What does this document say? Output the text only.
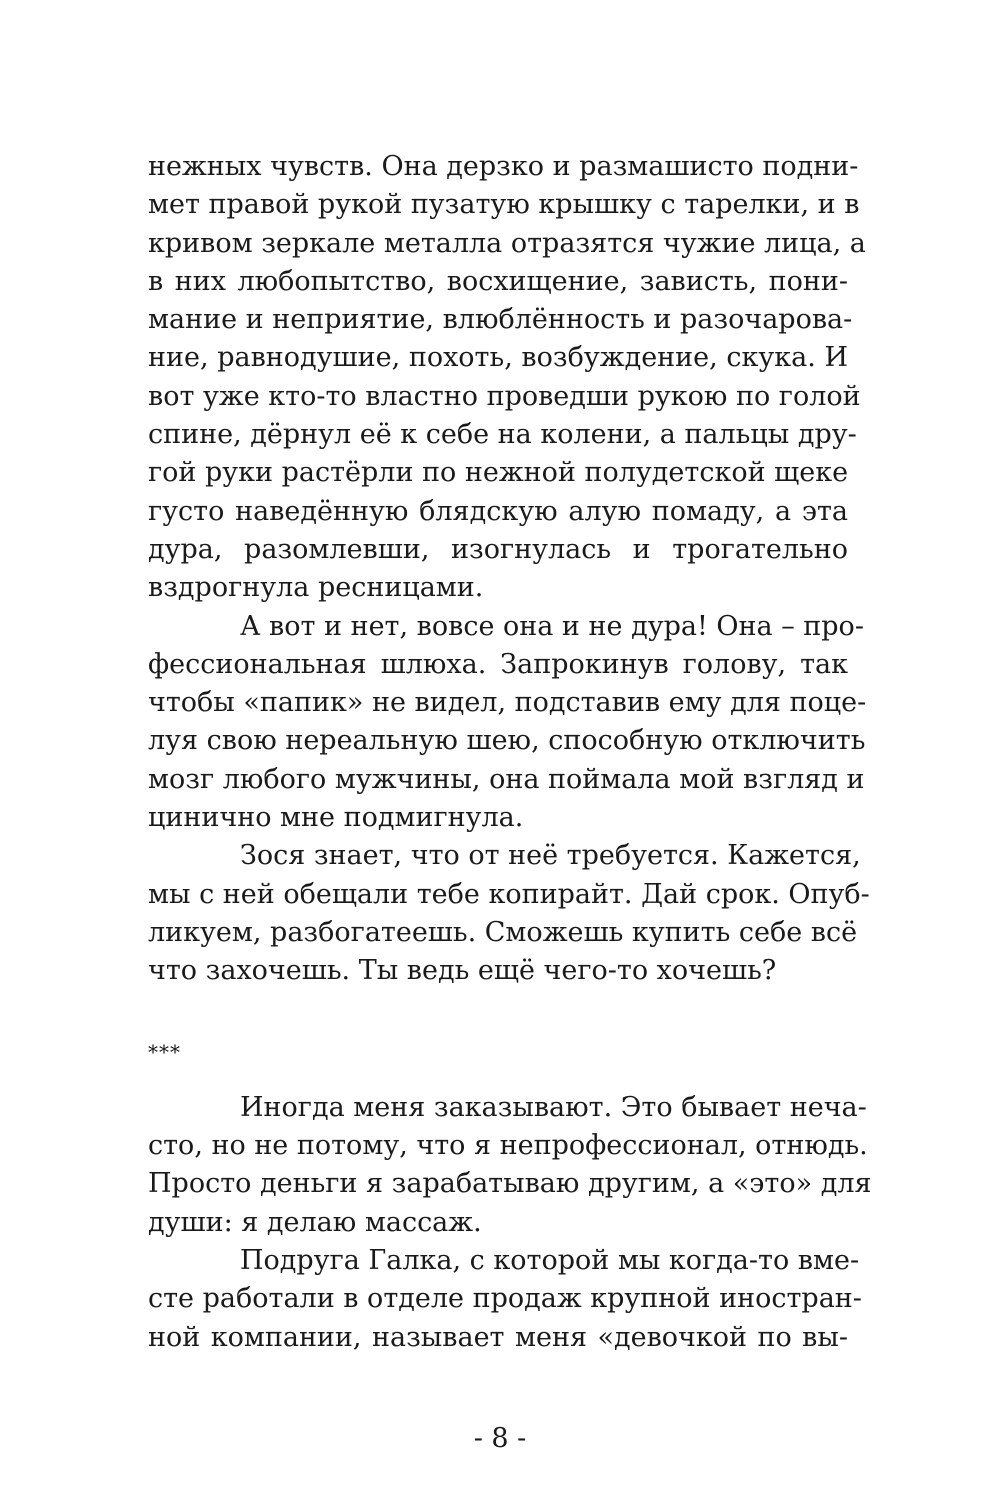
нежных чувств. Она дерзко и размашисто подни-
мет правой рукой пузатую крышку с тарелки, и в
кривом зеркале металла отразятся чужие лица, а
в них любопытство, восхищение, зависть, пони-
мание и неприятие, влюблённость и разочарова-
ние, равнодушие, похоть, возбуждение, скука. И
вот уже кто-то властно проведши рукою по голой
спине, дёрнул её к себе на колени, а пальцы дру-
гой руки растёрли по нежной полудетской щеке
густо наведённую блядскую алую помаду, а эта
дура, разомлевши, изогнулась и трогательно
вздрогнула ресницами.
А вот и нет, вовсе она и не дура! Она – про-
фессиональная шлюха. Запрокинув голову, так
чтобы «папик» не видел, подставив ему для поце-
луя свою нереальную шею, способную отключить
мозг любого мужчины, она поймала мой взгляд и
цинично мне подмигнула.
Зося знает, что от неё требуется. Кажется,
мы с ней обещали тебе копирайт. Дай срок. Опуб-
ликуем, разбогатеешь. Сможешь купить себе всё
что захочешь. Ты ведь ещё чего-то хочешь?
***
Иногда меня заказывают. Это бывает неча-
сто, но не потому, что я непрофессионал, отнюдь.
Просто деньги я зарабатываю другим, а «это» для
души: я делаю массаж.
Подруга Галка, с которой мы когда-то вме-
сте работали в отделе продаж крупной иностран-
ной компании, называет меня «девочкой по вы-
- 8 -
